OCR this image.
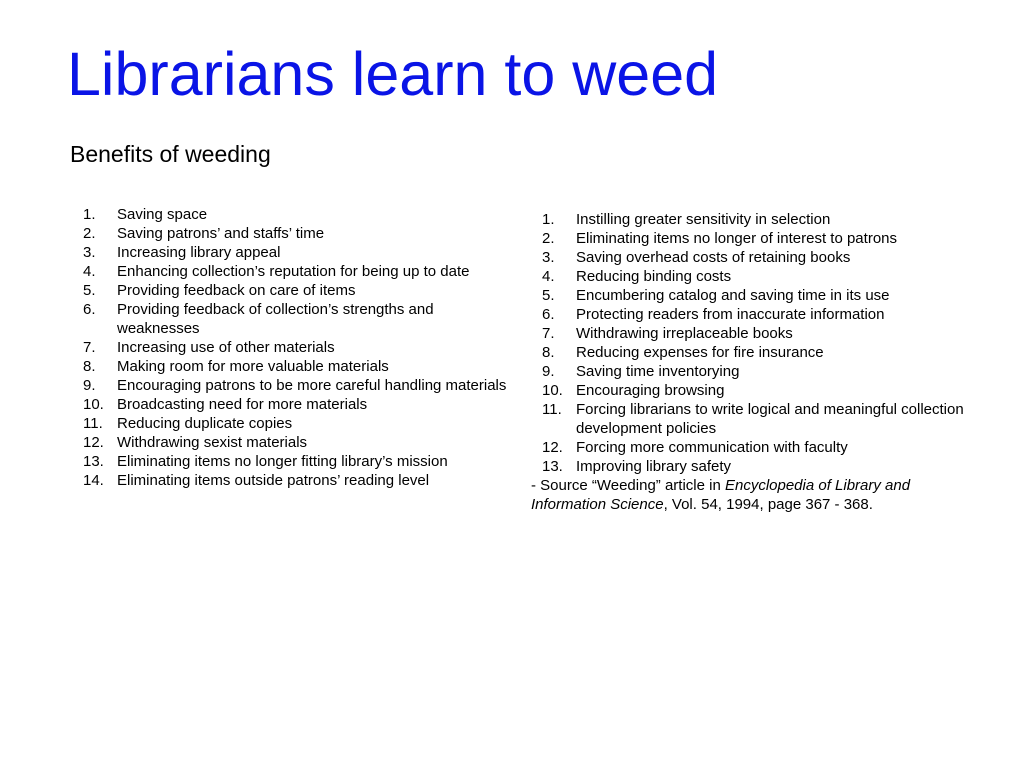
Librarians learn to weed
Benefits of weeding
1.	Saving space
2.	Saving patrons’ and staffs’ time
3.	Increasing library appeal
4.	Enhancing collection’s reputation for being up to date
5.	Providing feedback on care of items
6.	Providing feedback of collection’s strengths and weaknesses
7.	Increasing use of other materials
8.	Making room for more valuable materials
9.	Encouraging patrons to be more careful handling materials
10. Broadcasting need for more materials
11. Reducing duplicate copies
12. Withdrawing sexist materials
13. Eliminating items no longer fitting library’s mission
14. Eliminating items outside patrons’ reading level
1.	Instilling greater sensitivity in selection
2.	Eliminating items no longer of interest to patrons
3.	Saving overhead costs of retaining books
4.	Reducing binding costs
5.	Encumbering catalog and saving time in its use
6.	Protecting readers from inaccurate information
7.	Withdrawing irreplaceable books
8.	Reducing expenses for fire insurance
9.	Saving time inventorying
10. Encouraging browsing
11. Forcing librarians to write logical and meaningful collection development policies
12. Forcing more communication with faculty
13. Improving library safety

- Source “Weeding” article in Encyclopedia of Library and Information Science, Vol. 54, 1994, page 367 - 368.
